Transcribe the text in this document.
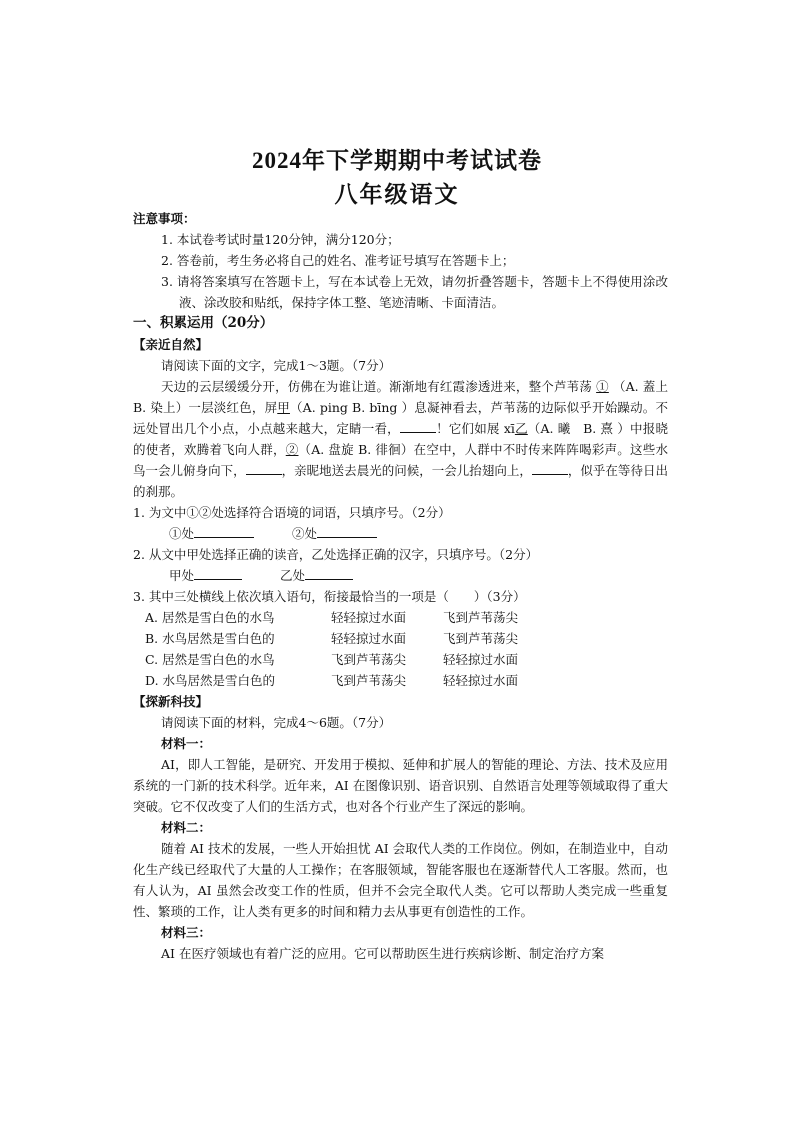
2024年下学期期中考试试卷
八年级语文

注意事项：

1. 本试卷考试时量120分钟，满分120分；

2. 答卷前，考生务必将自己的姓名、准考证号填写在答题卡上；

3. 请将答案填写在答题卡上，写在本试卷上无效，请勿折叠答题卡，答题卡上不得使用涂改液、涂改胶和贴纸，保持字体工整、笔迹清晰、卡面清洁。

一、积累运用（20分）

【亲近自然】

请阅读下面的文字，完成1～3题。（7分）

天边的云层缓缓分开，仿佛在为谁让道。渐渐地有红霞渗透进来，整个芦苇荡 ① （A. 蓋上 B. 染上）一层淡红色，屏甲（A. ping B. bīng ）息凝神看去，芦苇荡的边际似乎开始躁动。不远处冒出几个小点，小点越来越大，定睛一看，	！它们如展 xī乙（A. 曦　B. 熹 ）中报晓的使者，欢腾着飞向人群，②（A. 盘旋 B. 徘徊）在空中，人群中不时传来阵阵喝彩声。这些水鸟一会儿俯身向下，	，亲昵地送去晨光的问候，一会儿抬翅向上，	，似乎在等待日出的刹那。

1. 为文中①②处选择符合语境的词语，只填序号。（2分）

①处	②处

2. 从文中甲处选择正确的读音，乙处选择正确的汉字，只填序号。（2分）

甲处	乙处

3. 其中三处横线上依次填入语句，衔接最恰当的一项是（　　）（3分）

A. 居然是雪白色的水鸟	轻轻掠过水面	飞到芦苇荡尖
B. 水鸟居然是雪白色的	轻轻掠过水面	飞到芦苇荡尖
C. 居然是雪白色的水鸟	飞到芦苇荡尖	轻轻掠过水面
D. 水鸟居然是雪白色的	飞到芦苇荡尖	轻轻掠过水面

【探新科技】

请阅读下面的材料，完成4～6题。（7分）

材料一：

AI，即人工智能，是研究、开发用于模拟、延伸和扩展人的智能的理论、方法、技术及应用系统的一门新的技术科学。近年来，AI 在图像识别、语音识别、自然语言处理等领域取得了重大突破。它不仅改变了人们的生活方式，也对各个行业产生了深远的影响。

材料二：

随着 AI 技术的发展，一些人开始担忧 AI 会取代人类的工作岗位。例如，在制造业中，自动化生产线已经取代了大量的人工操作；在客服领域，智能客服也在逐渐替代人工客服。然而，也有人认为，AI 虽然会改变工作的性质，但并不会完全取代人类。它可以帮助人类完成一些重复性、繁琐的工作，让人类有更多的时间和精力去从事更有创造性的工作。

材料三：

AI 在医疗领域也有着广泛的应用。它可以帮助医生进行疾病诊断、制定治疗方案
